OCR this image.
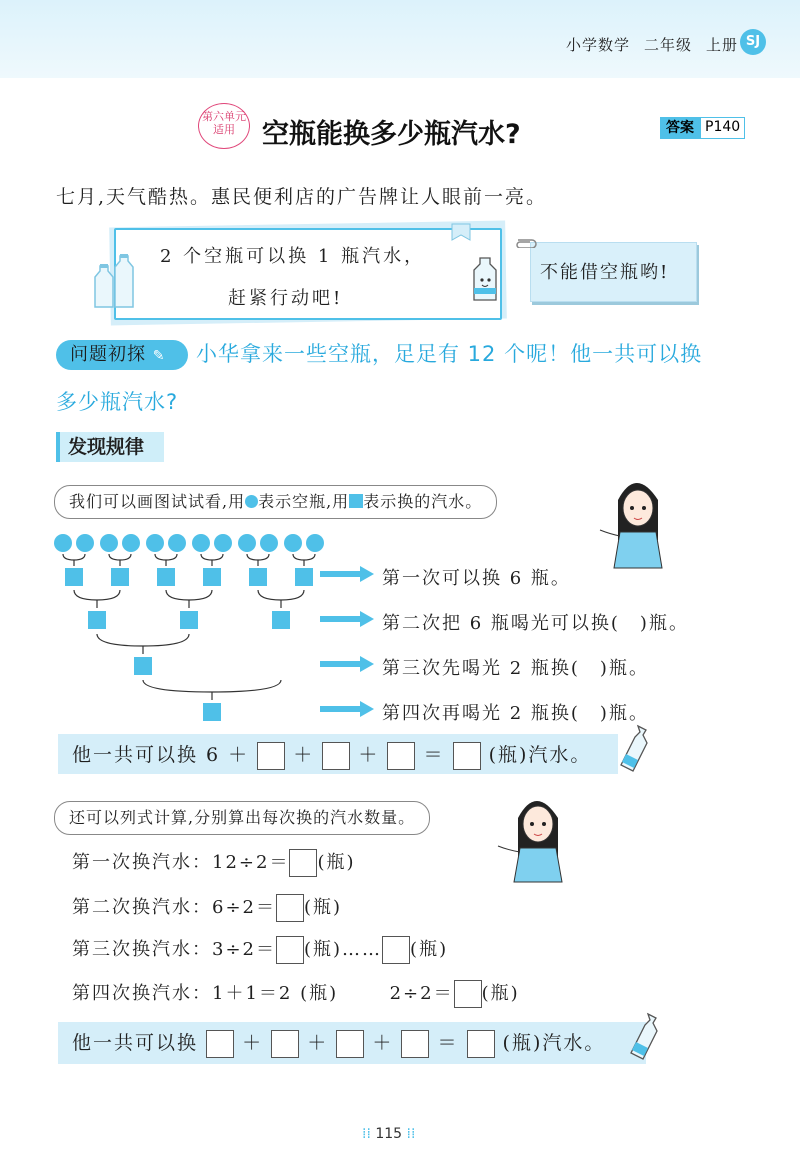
小学数学 二年级 上册 SJ
第六单元
适用	空瓶能换多少瓶汽水?	答案 P140
七月,天气酷热。惠民便利店的广告牌让人眼前一亮。
2 个空瓶可以换 1 瓶汽水，
赶紧行动吧!
不能借空瓶哟!
问题初探 ✎	小华拿来一些空瓶，足足有 12 个呢！他一共可以换
多少瓶汽水?
发现规律
我们可以画图试试看,用 表示空瓶,用 表示换的汽水。
第一次可以换 6 瓶。
第二次把 6 瓶喝光可以换(　)瓶。
第三次先喝光 2 瓶换(　)瓶。
第四次再喝光 2 瓶换(　)瓶。
他一共可以换 6 ＋ ＋ ＋ ＝ (瓶)汽水。
还可以列式计算,分别算出每次换的汽水数量。
第一次换汽水：12÷2＝ (瓶)
第二次换汽水：6÷2＝ (瓶)
第三次换汽水：3÷2＝ (瓶)…… (瓶)
第四次换汽水：1＋1＝2 (瓶)	2÷2＝ (瓶)
他一共可以换 ＋ ＋ ＋ ＝ (瓶)汽水。
⁞⁞ 115 ⁞⁞
